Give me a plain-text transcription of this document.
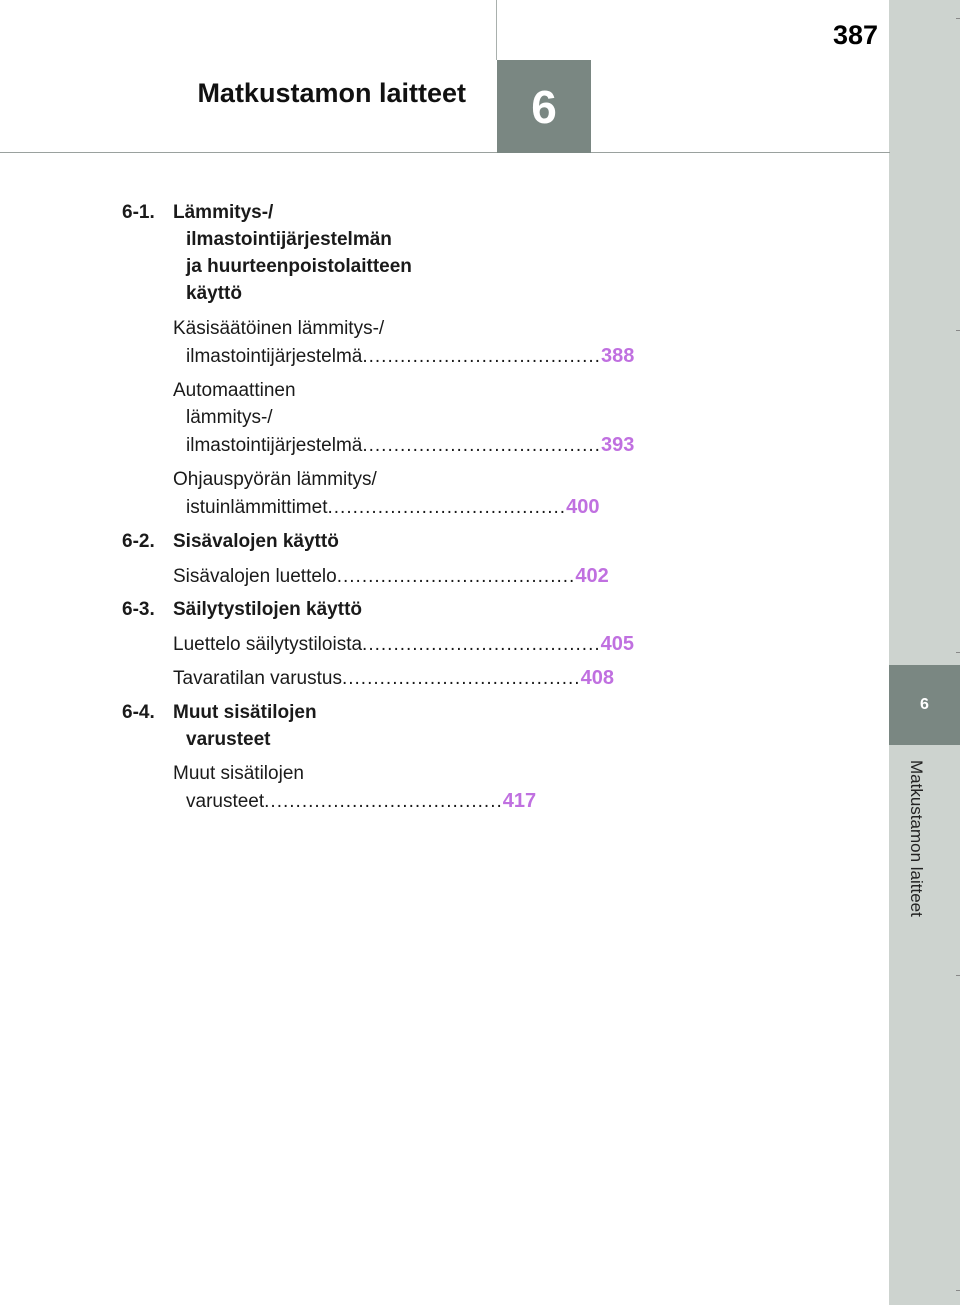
6
Matkustamon laitteet
387
Matkustamon laitteet 6
6-1. Lämmitys-/
ilmastointijärjestelmän
ja huurteenpoistolaitteen
käyttö
Käsisäätöinen lämmitys-/
ilmastointijärjestelmä ...................................... 388
Automaattinen
lämmitys-/
ilmastointijärjestelmä ...................................... 393
Ohjauspyörän lämmitys/
istuinlämmittimet ...................................... 400
6-2. Sisävalojen käyttö
Sisävalojen luettelo ...................................... 402
6-3. Säilytystilojen käyttö
Luettelo säilytystiloista ...................................... 405
Tavaratilan varustus ...................................... 408
6-4. Muut sisätilojen
varusteet
Muut sisätilojen
varusteet ...................................... 417
